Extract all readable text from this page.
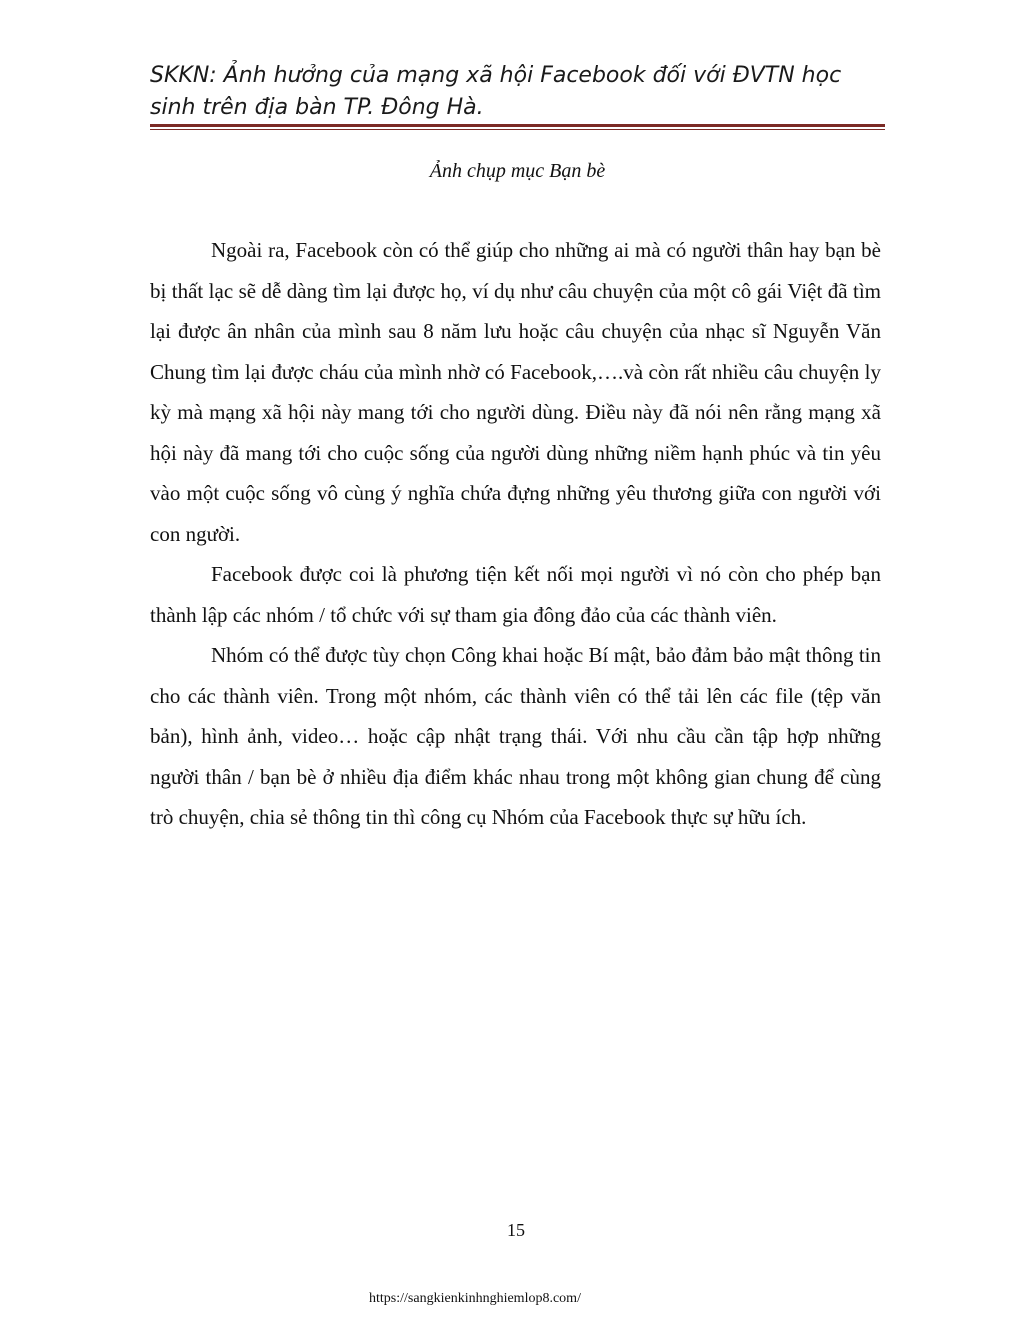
SKKN: Ảnh hưởng của mạng xã hội Facebook đối với ĐVTN học
sinh trên địa bàn TP. Đông Hà.
Ảnh chụp mục Bạn bè

Ngoài ra, Facebook còn có thể giúp cho những ai mà có người thân hay bạn bè bị thất lạc sẽ dễ dàng tìm lại được họ, ví dụ như câu chuyện của một cô gái Việt đã tìm lại được ân nhân của mình sau 8 năm lưu hoặc câu chuyện của nhạc sĩ Nguyễn Văn Chung tìm lại được cháu của mình nhờ có Facebook,….và còn rất nhiều câu chuyện ly kỳ mà mạng xã hội này mang tới cho người dùng. Điều này đã nói nên rằng mạng xã hội này đã mang tới cho cuộc sống của người dùng những niềm hạnh phúc và tin yêu vào một cuộc sống vô cùng ý nghĩa chứa đựng những yêu thương giữa con người với con người.

Facebook được coi là phương tiện kết nối mọi người vì nó còn cho phép bạn thành lập các nhóm / tổ chức với sự tham gia đông đảo của các thành viên.

Nhóm có thể được tùy chọn Công khai hoặc Bí mật, bảo đảm bảo mật thông tin cho các thành viên. Trong một nhóm, các thành viên có thể tải lên các file (tệp văn bản), hình ảnh, video… hoặc cập nhật trạng thái. Với nhu cầu cần tập hợp những người thân / bạn bè ở nhiều địa điểm khác nhau trong một không gian chung để cùng trò chuyện, chia sẻ thông tin thì công cụ Nhóm của Facebook thực sự hữu ích.

15
https://sangkienkinhnghiemlop8.com/
